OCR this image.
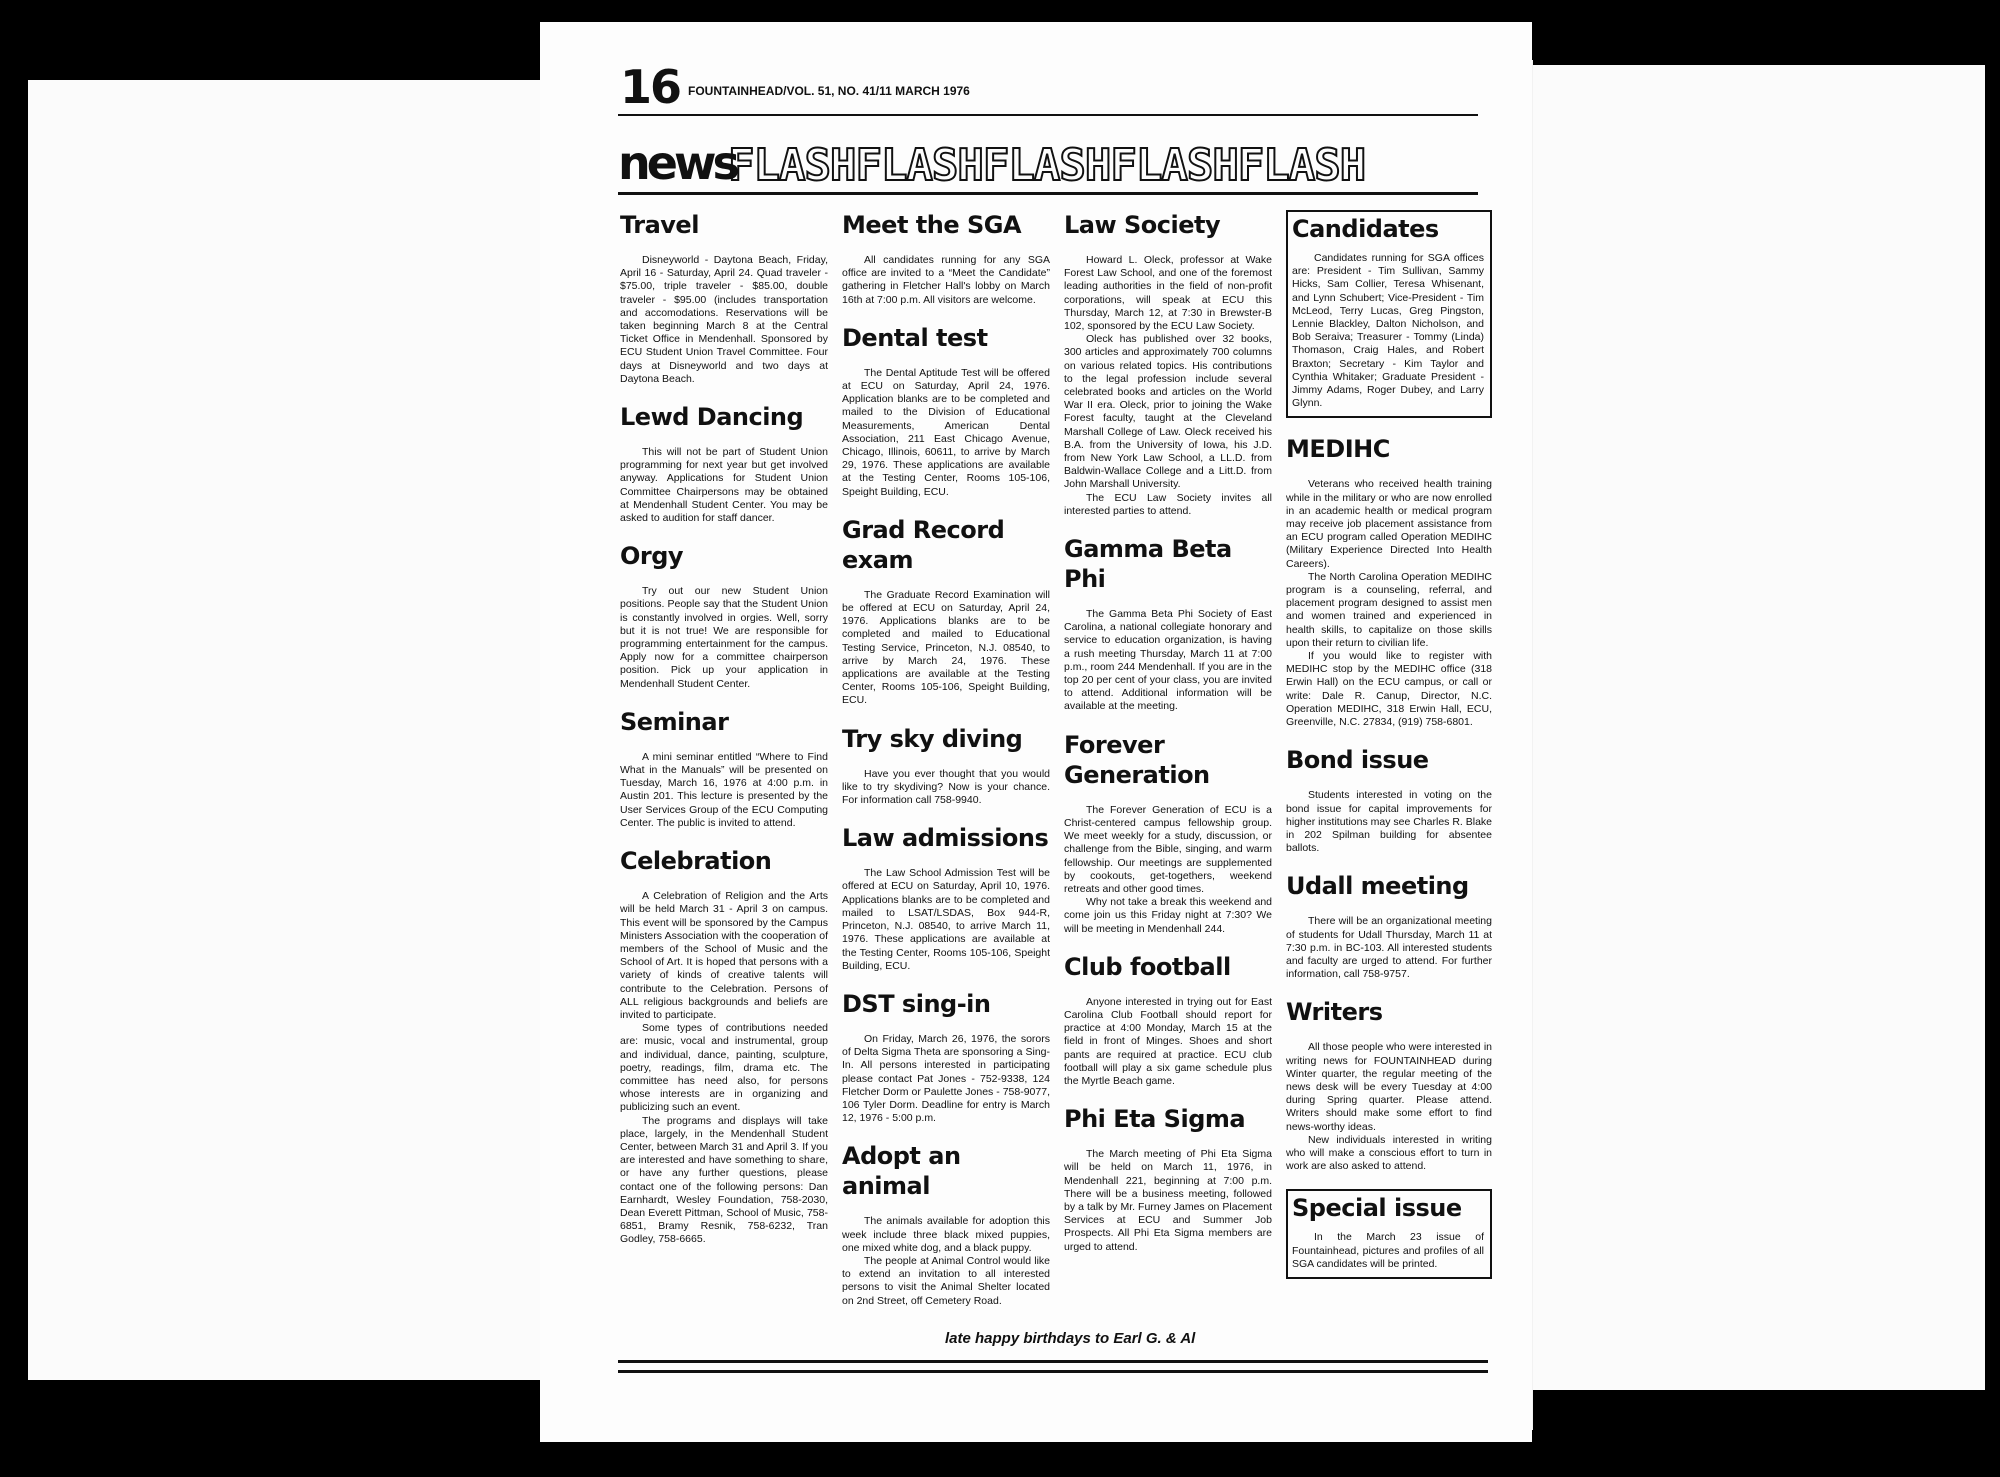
16 FOUNTAINHEAD/VOL. 51, NO. 41/11 MARCH 1976
news
FLASHFLASHFLASHFLASHFLASH
Travel

Disneyworld - Daytona Beach, Friday, April 16 - Saturday, April 24. Quad traveler - $75.00, triple traveler - $85.00, double traveler - $95.00 (includes transportation and accomodations. Reservations will be taken beginning March 8 at the Central Ticket Office in Mendenhall. Sponsored by ECU Student Union Travel Committee. Four days at Disneyworld and two days at Daytona Beach.

Lewd Dancing

This will not be part of Student Union programming for next year but get involved anyway. Applications for Student Union Committee Chairpersons may be obtained at Mendenhall Student Center. You may be asked to audition for staff dancer.

Orgy

Try out our new Student Union positions. People say that the Student Union is constantly involved in orgies. Well, sorry but it is not true! We are responsible for programming entertainment for the campus. Apply now for a committee chairperson position. Pick up your application in Mendenhall Student Center.

Seminar

A mini seminar entitled “Where to Find What in the Manuals” will be presented on Tuesday, March 16, 1976 at 4:00 p.m. in Austin 201. This lecture is presented by the User Services Group of the ECU Computing Center. The public is invited to attend.

Celebration

A Celebration of Religion and the Arts will be held March 31 - April 3 on campus. This event will be sponsored by the Campus Ministers Association with the cooperation of members of the School of Music and the School of Art. It is hoped that persons with a variety of kinds of creative talents will contribute to the Celebration. Persons of ALL religious backgrounds and beliefs are invited to participate.

Some types of contributions needed are: music, vocal and instrumental, group and individual, dance, painting, sculpture, poetry, readings, film, drama etc. The committee has need also, for persons whose interests are in organizing and publicizing such an event.

The programs and displays will take place, largely, in the Mendenhall Student Center, between March 31 and April 3. If you are interested and have something to share, or have any further questions, please contact one of the following persons: Dan Earnhardt, Wesley Foundation, 758-2030, Dean Everett Pittman, School of Music, 758-6851, Bramy Resnik, 758-6232, Tran Godley, 758-6665.

Meet the SGA

All candidates running for any SGA office are invited to a “Meet the Candidate” gathering in Fletcher Hall's lobby on March 16th at 7:00 p.m. All visitors are welcome.

Dental test

The Dental Aptitude Test will be offered at ECU on Saturday, April 24, 1976. Application blanks are to be completed and mailed to the Division of Educational Measurements, American Dental Association, 211 East Chicago Avenue, Chicago, Illinois, 60611, to arrive by March 29, 1976. These applications are available at the Testing Center, Rooms 105-106, Speight Building, ECU.

Grad Record exam

The Graduate Record Examination will be offered at ECU on Saturday, April 24, 1976. Applications blanks are to be completed and mailed to Educational Testing Service, Princeton, N.J. 08540, to arrive by March 24, 1976. These applications are available at the Testing Center, Rooms 105-106, Speight Building, ECU.

Try sky diving

Have you ever thought that you would like to try skydiving? Now is your chance. For information call 758-9940.

Law admissions

The Law School Admission Test will be offered at ECU on Saturday, April 10, 1976. Applications blanks are to be completed and mailed to LSAT/LSDAS, Box 944-R, Princeton, N.J. 08540, to arrive March 11, 1976. These applications are available at the Testing Center, Rooms 105-106, Speight Building, ECU.

DST sing-in

On Friday, March 26, 1976, the sorors of Delta Sigma Theta are sponsoring a Sing-In. All persons interested in participating please contact Pat Jones - 752-9338, 124 Fletcher Dorm or Paulette Jones - 758-9077, 106 Tyler Dorm. Deadline for entry is March 12, 1976 - 5:00 p.m.

Adopt an animal

The animals available for adoption this week include three black mixed puppies, one mixed white dog, and a black puppy.

The people at Animal Control would like to extend an invitation to all interested persons to visit the Animal Shelter located on 2nd Street, off Cemetery Road.

Law Society

Howard L. Oleck, professor at Wake Forest Law School, and one of the foremost leading authorities in the field of non-profit corporations, will speak at ECU this Thursday, March 12, at 7:30 in Brewster-B 102, sponsored by the ECU Law Society.

Oleck has published over 32 books, 300 articles and approximately 700 columns on various related topics. His contributions to the legal profession include several celebrated books and articles on the World War II era. Oleck, prior to joining the Wake Forest faculty, taught at the Cleveland Marshall College of Law. Oleck received his B.A. from the University of Iowa, his J.D. from New York Law School, a LL.D. from Baldwin-Wallace College and a Litt.D. from John Marshall University.

The ECU Law Society invites all interested parties to attend.

Gamma Beta Phi

The Gamma Beta Phi Society of East Carolina, a national collegiate honorary and service to education organization, is having a rush meeting Thursday, March 11 at 7:00 p.m., room 244 Mendenhall. If you are in the top 20 per cent of your class, you are invited to attend. Additional information will be available at the meeting.

Forever Generation

The Forever Generation of ECU is a Christ-centered campus fellowship group. We meet weekly for a study, discussion, or challenge from the Bible, singing, and warm fellowship. Our meetings are supplemented by cookouts, get-togethers, weekend retreats and other good times.

Why not take a break this weekend and come join us this Friday night at 7:30? We will be meeting in Mendenhall 244.

Club football

Anyone interested in trying out for East Carolina Club Football should report for practice at 4:00 Monday, March 15 at the field in front of Minges. Shoes and short pants are required at practice. ECU club football will play a six game schedule plus the Myrtle Beach game.

Phi Eta Sigma

The March meeting of Phi Eta Sigma will be held on March 11, 1976, in Mendenhall 221, beginning at 7:00 p.m. There will be a business meeting, followed by a talk by Mr. Furney James on Placement Services at ECU and Summer Job Prospects. All Phi Eta Sigma members are urged to attend.

Candidates

Candidates running for SGA offices are: President - Tim Sullivan, Sammy Hicks, Sam Collier, Teresa Whisenant, and Lynn Schubert; Vice-President - Tim McLeod, Terry Lucas, Greg Pingston, Lennie Blackley, Dalton Nicholson, and Bob Seraiva; Treasurer - Tommy (Linda) Thomason, Craig Hales, and Robert Braxton; Secretary - Kim Taylor and Cynthia Whitaker; Graduate President - Jimmy Adams, Roger Dubey, and Larry Glynn.

MEDIHC

Veterans who received health training while in the military or who are now enrolled in an academic health or medical program may receive job placement assistance from an ECU program called Operation MEDIHC (Military Experience Directed Into Health Careers).

The North Carolina Operation MEDIHC program is a counseling, referral, and placement program designed to assist men and women trained and experienced in health skills, to capitalize on those skills upon their return to civilian life.

If you would like to register with MEDIHC stop by the MEDIHC office (318 Erwin Hall) on the ECU campus, or call or write: Dale R. Canup, Director, N.C. Operation MEDIHC, 318 Erwin Hall, ECU, Greenville, N.C. 27834, (919) 758-6801.

Bond issue

Students interested in voting on the bond issue for capital improvements for higher institutions may see Charles R. Blake in 202 Spilman building for absentee ballots.

Udall meeting

There will be an organizational meeting of students for Udall Thursday, March 11 at 7:30 p.m. in BC-103. All interested students and faculty are urged to attend. For further information, call 758-9757.

Writers

All those people who were interested in writing news for FOUNTAINHEAD during Winter quarter, the regular meeting of the news desk will be every Tuesday at 4:00 during Spring quarter. Please attend. Writers should make some effort to find news-worthy ideas.

New individuals interested in writing who will make a conscious effort to turn in work are also asked to attend.

Special issue

In the March 23 issue of Fountainhead, pictures and profiles of all SGA candidates will be printed.

late happy birthdays to Earl G. & Al
